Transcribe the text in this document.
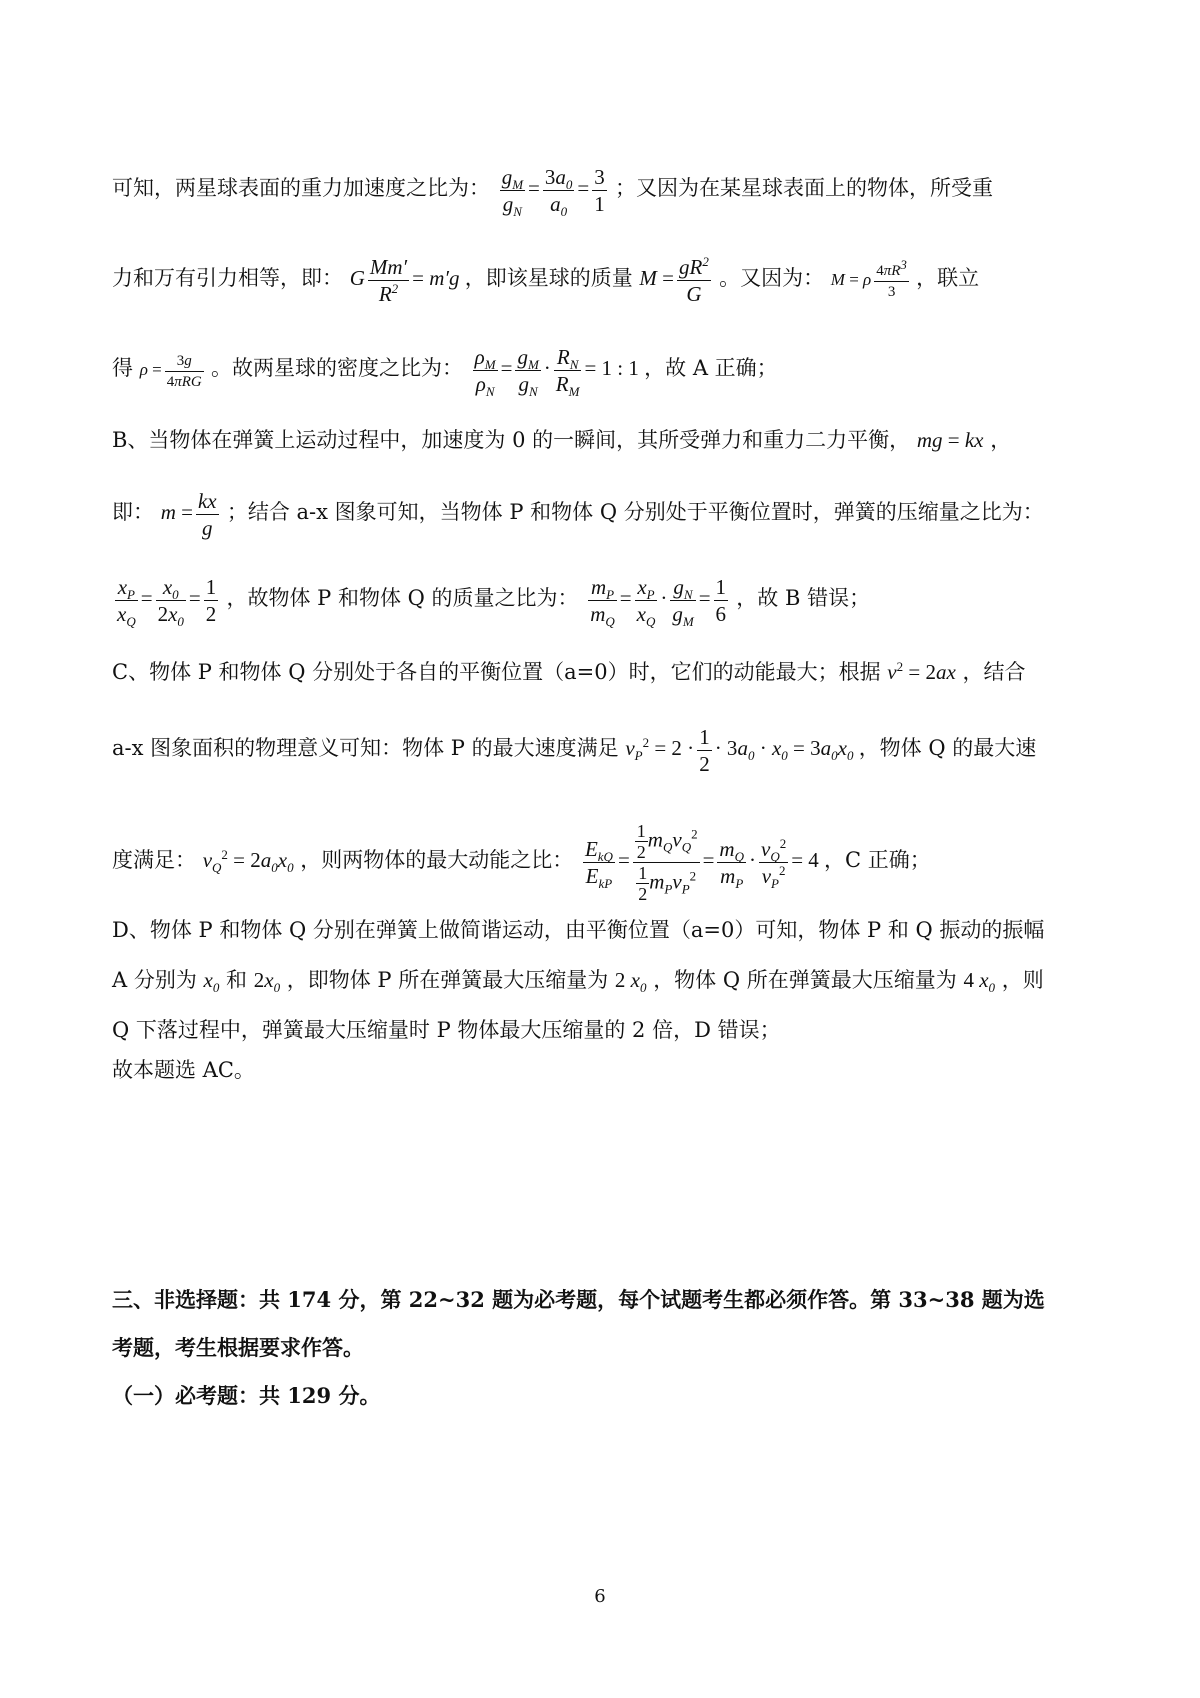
可知，两星球表面的重力加速度之比为： $\frac{g_M}{g_N} = \frac{3a_0}{a_0} = \frac{3}{1}$ ；又因为在某星球表面上的物体，所受重
力和万有引力相等，即： G $\frac{Mm'}{R^2} = m'g$ ，即该星球的质量 $M = \frac{gR^2}{G}$ 。又因为： M = ρ $\frac{4\pi R^3}{3}$ ，联立
得 $\rho = \frac{3g}{\text{4πRG}}$ 。故两星球的密度之比为： $\frac{\rho_M}{\rho_N} = \frac{g_M}{g_N} \cdot \frac{R_N}{R_M} = 1$ : 1 ，故 A 正确；
B、当物体在弹簧上运动过程中，加速度为 0 的一瞬间，其所受弹力和重力二力平衡， mg = kx ，
即： $m = \frac{kx}{g}$ ；结合 a-x 图象可知，当物体 P 和物体 Q 分别处于平衡位置时，弹簧的压缩量之比为：
$\frac{x_P}{x_Q} = \frac{x_0}{2x_0} = \frac{1}{2}$ ，故物体 P 和物体 Q 的质量之比为： $\frac{m_P}{m_Q} = \frac{x_P}{x_Q} \cdot \frac{g_N}{g_M} = \frac{1}{6}$ ，故 B 错误；
C、物体 P 和物体 Q 分别处于各自的平衡位置（a=0）时，它们的动能最大；根据 $v^2 = 2ax$ ，结合
a-x 图象面积的物理意义可知：物体 P 的最大速度满足 $v_P^2 = 2 \cdot \frac{1}{2} \cdot 3a_0 \cdot x_0 = 3a_0x_0$ ，物体 Q 的最大速
度满足： $v_Q^2 = 2a_0x_0$ ，则两物体的最大动能之比： $\frac{E_{kQ}}{E_{kP}} = \frac{\frac{1}{2} m_Qv_Q^2}{\frac{1}{2} m_Pv_P^2} = \frac{m_Q}{m_P} \cdot \frac{v_Q^2}{v_P^2} = 4$ ，C 正确；
D、物体 P 和物体 Q 分别在弹簧上做简谐运动，由平衡位置（a=0）可知，物体 P 和 Q 振动的振幅
A 分别为 $x_0$ 和 $2x_0$ ，即物体 P 所在弹簧最大压缩量为 2 $x_0$ ，物体 Q 所在弹簧最大压缩量为 4 $x_0$ ，则
Q 下落过程中，弹簧最大压缩量时 P 物体最大压缩量的 2 倍，D 错误；
故本题选 AC。
三、非选择题：共 174 分，第 22~32 题为必考题，每个试题考生都必须作答。第 33~38 题为选
考题，考生根据要求作答。
（一）必考题：共 129 分。
6
